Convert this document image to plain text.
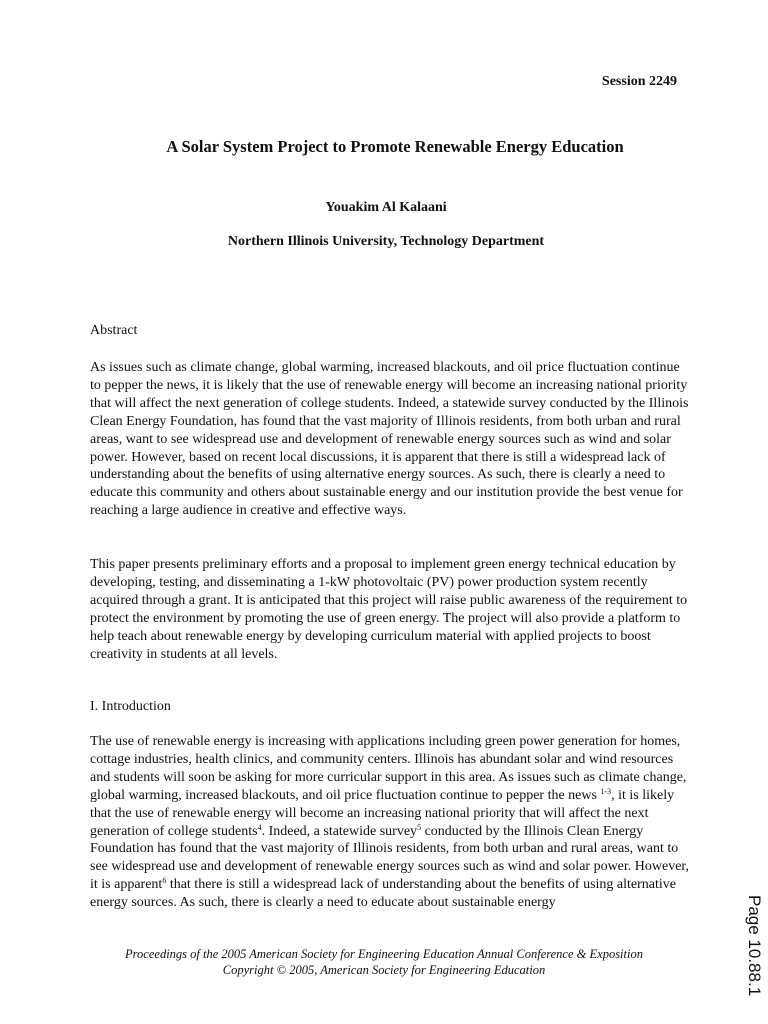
Session 2249
A Solar System Project to Promote Renewable Energy Education
Youakim Al Kalaani
Northern Illinois University, Technology Department
Abstract

As issues such as climate change, global warming, increased blackouts, and oil price fluctuation continue to pepper the news, it is likely that the use of renewable energy will become an increasing national priority that will affect the next generation of college students. Indeed, a statewide survey conducted by the Illinois Clean Energy Foundation, has found that the vast majority of Illinois residents, from both urban and rural areas, want to see widespread use and development of renewable energy sources such as wind and solar power. However, based on recent local discussions, it is apparent that there is still a widespread lack of understanding about the benefits of using alternative energy sources. As such, there is clearly a need to educate this community and others about sustainable energy and our institution provide the best venue for reaching a large audience in creative and effective ways.

This paper presents preliminary efforts and a proposal to implement green energy technical education by developing, testing, and disseminating a 1-kW photovoltaic (PV) power production system recently acquired through a grant. It is anticipated that this project will raise public awareness of the requirement to protect the environment by promoting the use of green energy. The project will also provide a platform to help teach about renewable energy by developing curriculum material with applied projects to boost creativity in students at all levels.

I. Introduction

The use of renewable energy is increasing with applications including green power generation for homes, cottage industries, health clinics, and community centers. Illinois has abundant solar and wind resources and students will soon be asking for more curricular support in this area. As issues such as climate change, global warming, increased blackouts, and oil price fluctuation continue to pepper the news $^{1-3}$, it is likely that the use of renewable energy will become an increasing national priority that will affect the next generation of college students$^4$. Indeed, a statewide survey$^5$ conducted by the Illinois Clean Energy Foundation has found that the vast majority of Illinois residents, from both urban and rural areas, want to see widespread use and development of renewable energy sources such as wind and solar power. However, it is apparent$^6$ that there is still a widespread lack of understanding about the benefits of using alternative energy sources. As such, there is clearly a need to educate about sustainable energy

Proceedings of the 2005 American Society for Engineering Education Annual Conference & Exposition
Copyright © 2005, American Society for Engineering Education	Page 10.88.1
